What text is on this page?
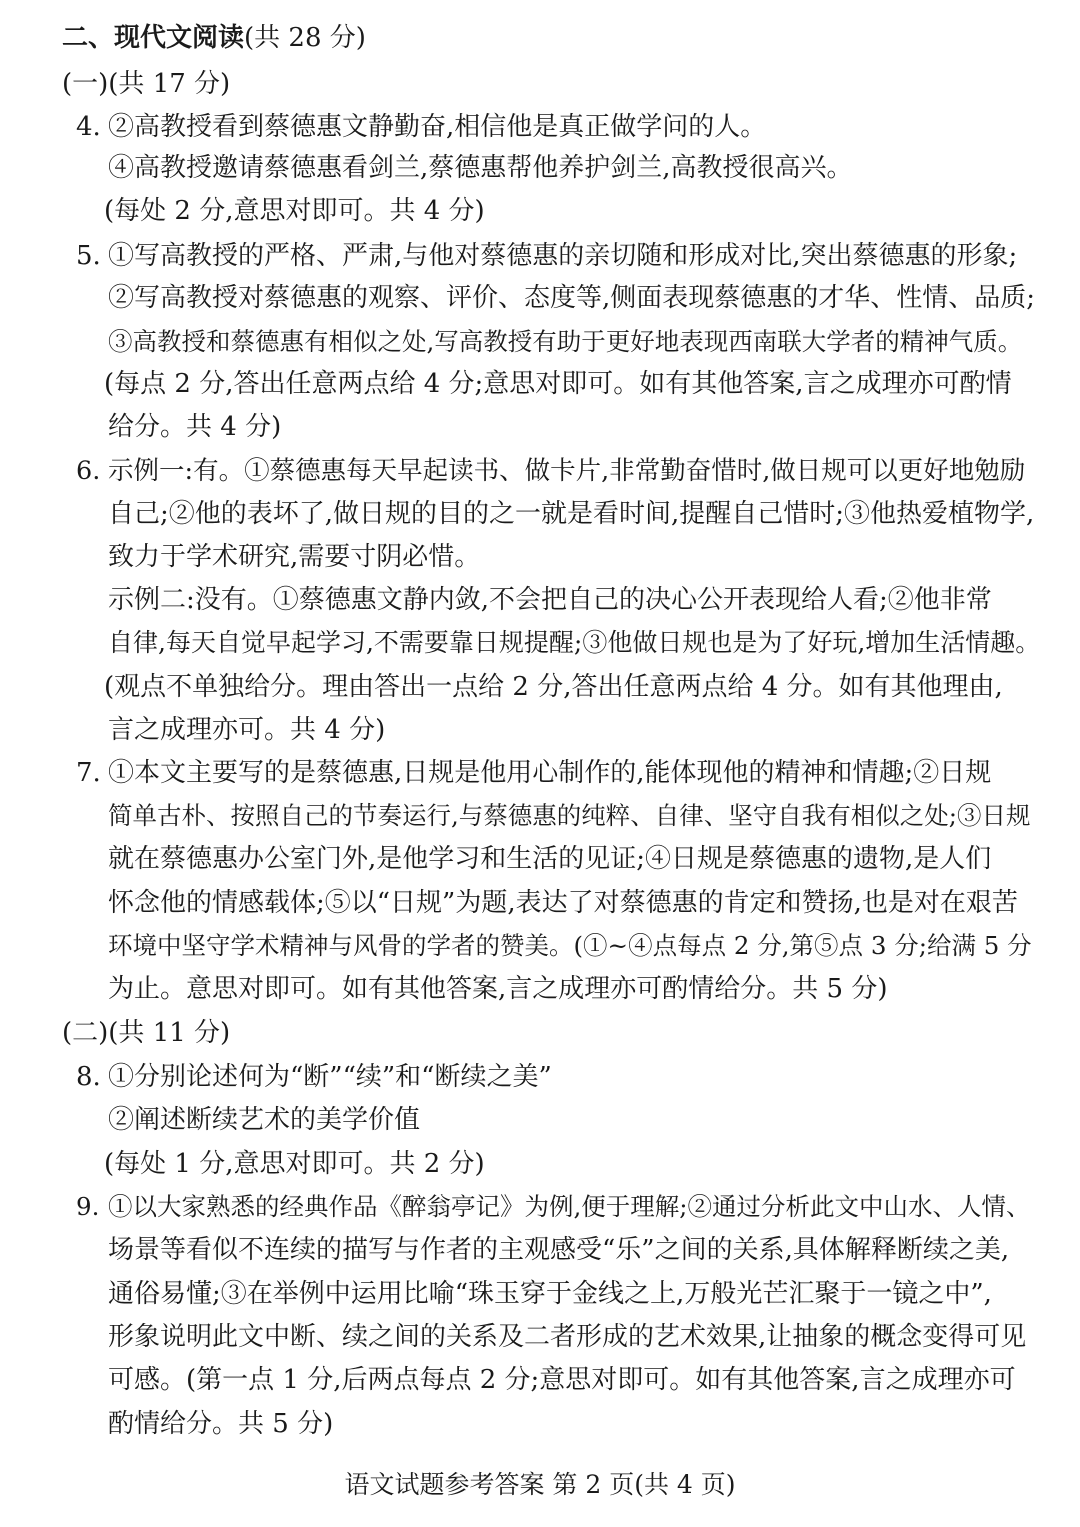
二、现代文阅读(共 28 分)
(一)(共 17 分)
4. ②高教授看到蔡德惠文静勤奋,相信他是真正做学问的人。
④高教授邀请蔡德惠看剑兰,蔡德惠帮他养护剑兰,高教授很高兴。
(每处 2 分,意思对即可。共 4 分)
5. ①写高教授的严格、严肃,与他对蔡德惠的亲切随和形成对比,突出蔡德惠的形象;
②写高教授对蔡德惠的观察、评价、态度等,侧面表现蔡德惠的才华、性情、品质;
③高教授和蔡德惠有相似之处,写高教授有助于更好地表现西南联大学者的精神气质。
(每点 2 分,答出任意两点给 4 分;意思对即可。如有其他答案,言之成理亦可酌情
给分。共 4 分)
6. 示例一:有。①蔡德惠每天早起读书、做卡片,非常勤奋惜时,做日规可以更好地勉励
自己;②他的表坏了,做日规的目的之一就是看时间,提醒自己惜时;③他热爱植物学,
致力于学术研究,需要寸阴必惜。
示例二:没有。①蔡德惠文静内敛,不会把自己的决心公开表现给人看;②他非常
自律,每天自觉早起学习,不需要靠日规提醒;③他做日规也是为了好玩,增加生活情趣。
(观点不单独给分。理由答出一点给 2 分,答出任意两点给 4 分。如有其他理由,
言之成理亦可。共 4 分)
7. ①本文主要写的是蔡德惠,日规是他用心制作的,能体现他的精神和情趣;②日规
简单古朴、按照自己的节奏运行,与蔡德惠的纯粹、自律、坚守自我有相似之处;③日规
就在蔡德惠办公室门外,是他学习和生活的见证;④日规是蔡德惠的遗物,是人们
怀念他的情感载体;⑤以“日规”为题,表达了对蔡德惠的肯定和赞扬,也是对在艰苦
环境中坚守学术精神与风骨的学者的赞美。(①~④点每点 2 分,第⑤点 3 分;给满 5 分
为止。意思对即可。如有其他答案,言之成理亦可酌情给分。共 5 分)
(二)(共 11 分)
8. ①分别论述何为“断”“续”和“断续之美”
②阐述断续艺术的美学价值
(每处 1 分,意思对即可。共 2 分)
9. ①以大家熟悉的经典作品《醉翁亭记》为例,便于理解;②通过分析此文中山水、人情、
场景等看似不连续的描写与作者的主观感受“乐”之间的关系,具体解释断续之美,
通俗易懂;③在举例中运用比喻“珠玉穿于金线之上,万般光芒汇聚于一镜之中”,
形象说明此文中断、续之间的关系及二者形成的艺术效果,让抽象的概念变得可见
可感。(第一点 1 分,后两点每点 2 分;意思对即可。如有其他答案,言之成理亦可
酌情给分。共 5 分)
语文试题参考答案 第 2 页(共 4 页)
